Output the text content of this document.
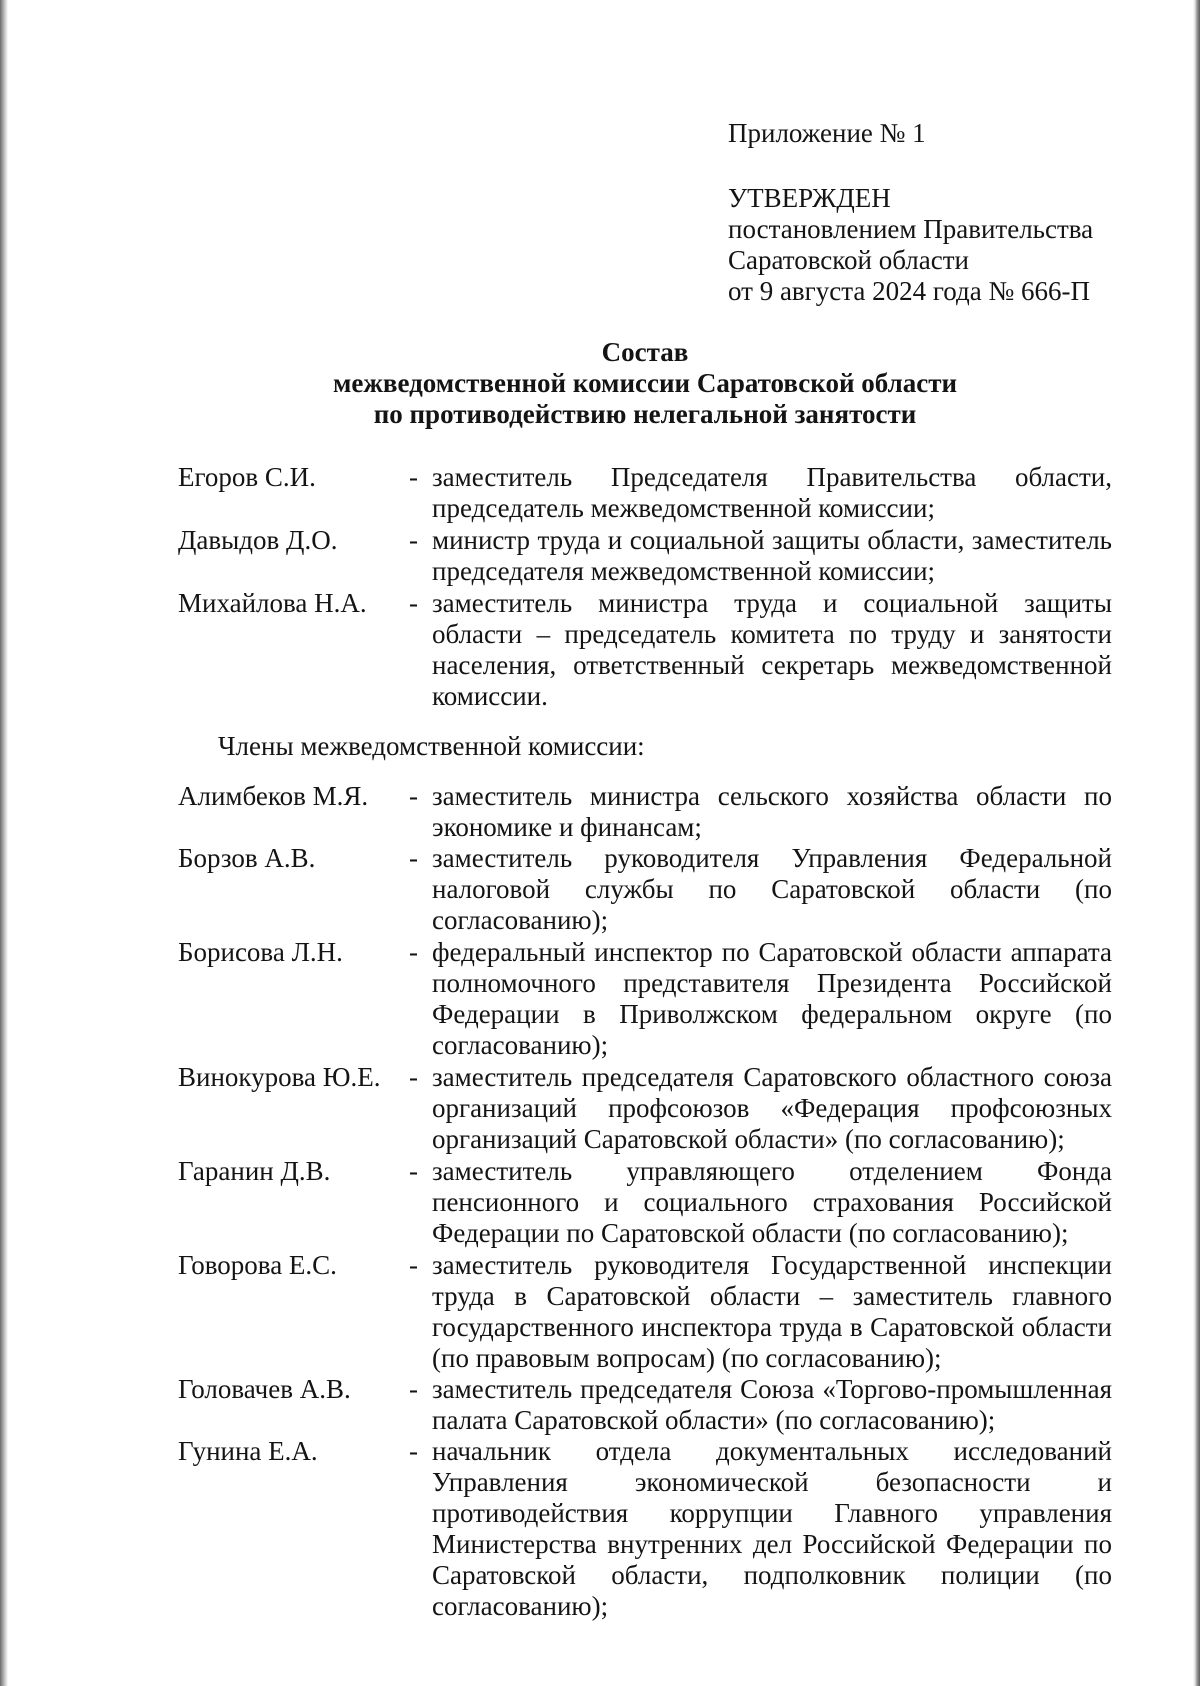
Приложение № 1
УТВЕРЖДЕН
постановлением Правительства
Саратовской области
от 9 августа 2024 года № 666-П
Состав
межведомственной комиссии Саратовской области
по противодействию нелегальной занятости
Егоров С.И.	- заместитель Председателя Правительства области, председатель межведомственной комиссии;
Давыдов Д.О.	- министр труда и социальной защиты области, заместитель председателя межведомственной комиссии;
Михайлова Н.А. - заместитель министра труда и социальной защиты области – председатель комитета по труду и занятости населения, ответственный секретарь межведомственной комиссии.
Члены межведомственной комиссии:
Алимбеков М.Я. - заместитель министра сельского хозяйства области по экономике и финансам;
Борзов А.В.	- заместитель руководителя Управления Федеральной налоговой службы по Саратовской области (по согласованию);
Борисова Л.Н. - федеральный инспектор по Саратовской области аппарата полномочного представителя Президента Российской Федерации в Приволжском федеральном округе (по согласованию);
Винокурова Ю.Е. - заместитель председателя Саратовского областного союза организаций профсоюзов «Федерация профсоюзных организаций Саратовской области» (по согласованию);
Гаранин Д.В.	- заместитель управляющего отделением Фонда пенсионного и социального страхования Российской Федерации по Саратовской области (по согласованию);
Говорова Е.С.	- заместитель руководителя Государственной инспекции труда в Саратовской области – заместитель главного государственного инспектора труда в Саратовской области (по правовым вопросам) (по согласованию);
Головачев А.В. - заместитель председателя Союза «Торгово-промышленная палата Саратовской области» (по согласованию);
Гунина Е.А.	- начальник отдела документальных исследований Управления экономической безопасности и противодействия коррупции Главного управления Министерства внутренних дел Российской Федерации по Саратовской области, подполковник полиции (по согласованию);
